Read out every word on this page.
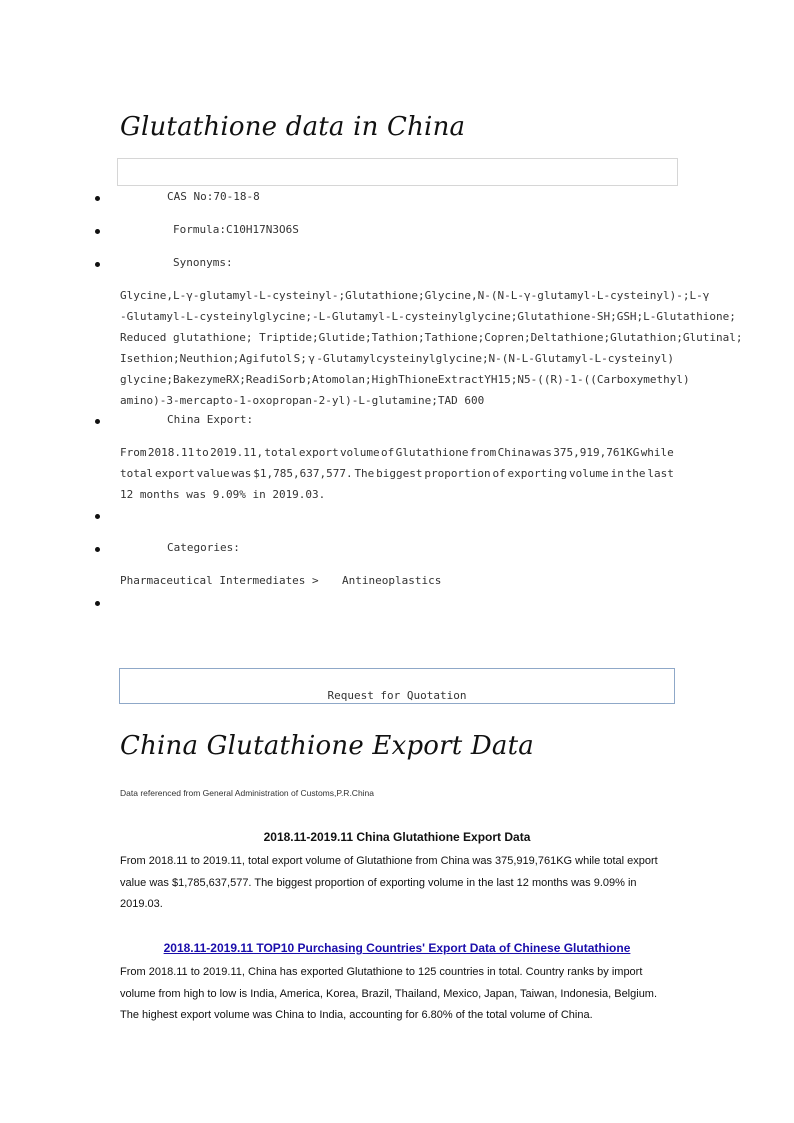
Glutathione data in China
CAS No:70-18-8
Formula:C10H17N3O6S
Synonyms:
Glycine,L-γ-glutamyl-L-cysteinyl-;Glutathione;Glycine,N-(N-L-γ-glutamyl-L-cysteinyl)-;L-γ
-Glutamyl-L-cysteinylglycine;-L-Glutamyl-L-cysteinylglycine;Glutathione-SH;GSH;L-Glutathione;
Reduced glutathione; Triptide;Glutide;Tathion;Tathione;Copren;Deltathione;Glutathion;Glutinal;
Isethion;Neuthion;Agifutol S; γ -Glutamylcysteinylglycine;N-(N-L-Glutamyl-L-cysteinyl)
glycine;Bakezyme RX;ReadiSorb;Atomolan;High Thione Extract YH15;N5-((R)-1- ((Carboxymethyl)
amino)-3-mercapto-1-oxopropan-2-yl)-L-glutamine;TAD 600
China Export:
From 2018.11 to 2019.11, total export volume of Glutathione from China was 375,919,761KG while
total export value was $1,785,637,577. The biggest proportion of exporting volume in the last
12 months was 9.09% in 2019.03.
Categories:
Pharmaceutical Intermediates > Antineoplastics
Request for Quotation
China Glutathione Export Data
Data referenced from General Administration of Customs,P.R.China
2018.11-2019.11 China Glutathione Export Data
From 2018.11 to 2019.11, total export volume of Glutathione from China was 375,919,761KG while total export
value was $1,785,637,577. The biggest proportion of exporting volume in the last 12 months was 9.09% in
2019.03.
2018.11-2019.11 TOP10 Purchasing Countries' Export Data of Chinese Glutathione
From 2018.11 to 2019.11, China has exported Glutathione to 125 countries in total. Country ranks by import
volume from high to low is India, America, Korea, Brazil, Thailand, Mexico, Japan, Taiwan, Indonesia, Belgium.
The highest export volume was China to India, accounting for 6.80% of the total volume of China.
